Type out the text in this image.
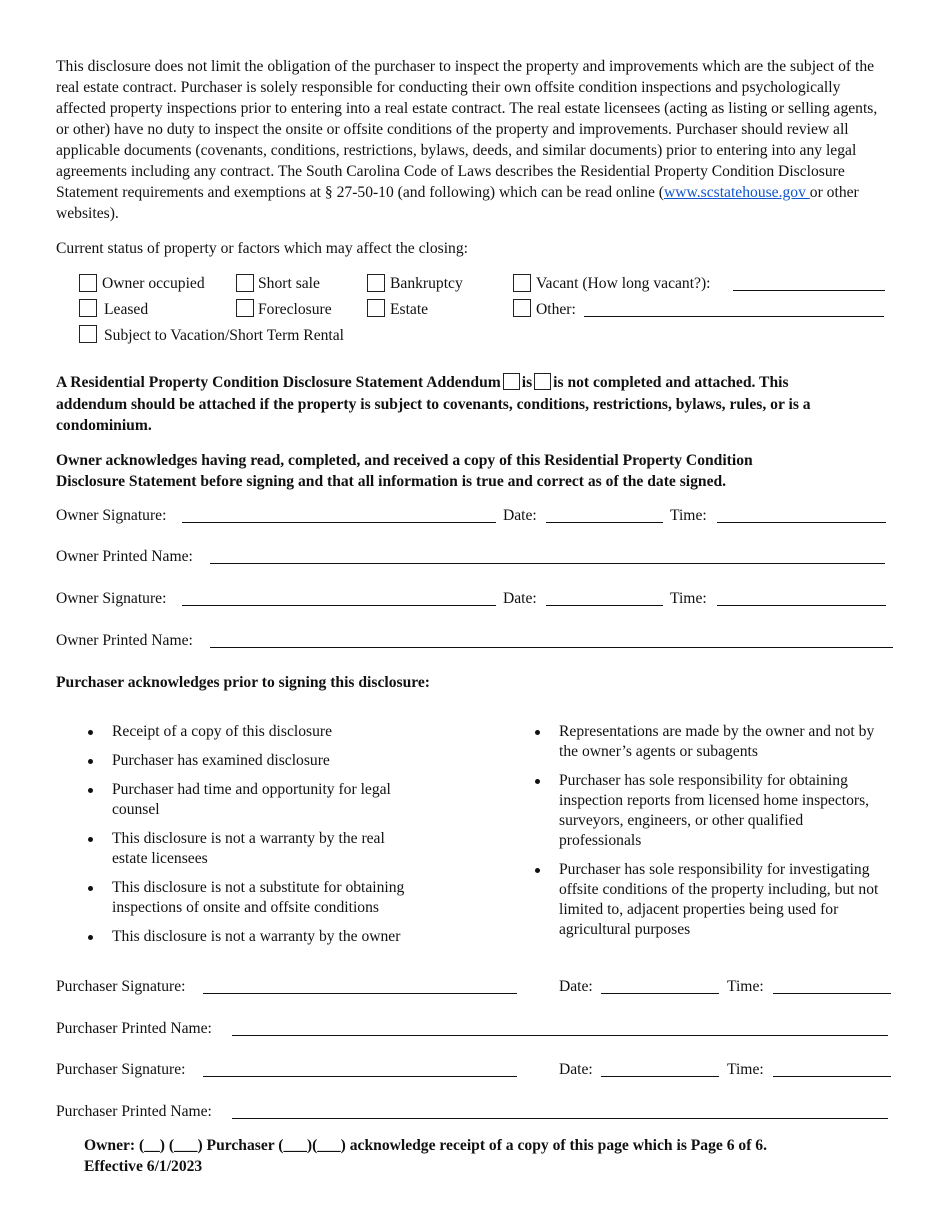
This disclosure does not limit the obligation of the purchaser to inspect the property and improvements which are the subject of the real estate contract. Purchaser is solely responsible for conducting their own offsite condition inspections and psychologically affected property inspections prior to entering into a real estate contract. The real estate licensees (acting as listing or selling agents, or other) have no duty to inspect the onsite or offsite conditions of the property and improvements. Purchaser should review all applicable documents (covenants, conditions, restrictions, bylaws, deeds, and similar documents) prior to entering into any legal agreements including any contract. The South Carolina Code of Laws describes the Residential Property Condition Disclosure Statement requirements and exemptions at § 27-50-10 (and following) which can be read online (www.scstatehouse.gov or other websites).

Current status of property or factors which may affect the closing:

Owner occupied	Short sale	Bankruptcy	Vacant (How long vacant?):
Leased	Foreclosure	Estate	Other:
Subject to Vacation/Short Term Rental

A Residential Property Condition Disclosure Statement Addendum is is not completed and attached. This

addendum should be attached if the property is subject to covenants, conditions, restrictions, bylaws, rules, or is a

condominium.

Owner acknowledges having read, completed, and received a copy of this Residential Property Condition

Disclosure Statement before signing and that all information is true and correct as of the date signed.

Owner Signature:	Date:	Time:
Owner Printed Name:
Owner Signature:	Date:	Time:
Owner Printed Name:

Purchaser acknowledges prior to signing this disclosure:

Receipt of a copy of this disclosure
Purchaser has examined disclosure
Purchaser had time and opportunity for legal counsel
This disclosure is not a warranty by the real estate licensees
This disclosure is not a substitute for obtaining inspections of onsite and offsite conditions
This disclosure is not a warranty by the owner
Representations are made by the owner and not by the owner’s agents or subagents
Purchaser has sole responsibility for obtaining inspection reports from licensed home inspectors, surveyors, engineers, or other qualified professionals
Purchaser has sole responsibility for investigating offsite conditions of the property including, but not limited to, adjacent properties being used for agricultural purposes
Purchaser Signature:	Date:	Time:
Purchaser Printed Name:
Purchaser Signature:	Date:	Time:
Purchaser Printed Name:

Owner: (__) (___) Purchaser (___)(___) acknowledge receipt of a copy of this page which is Page 6 of 6.

Effective 6/1/2023
